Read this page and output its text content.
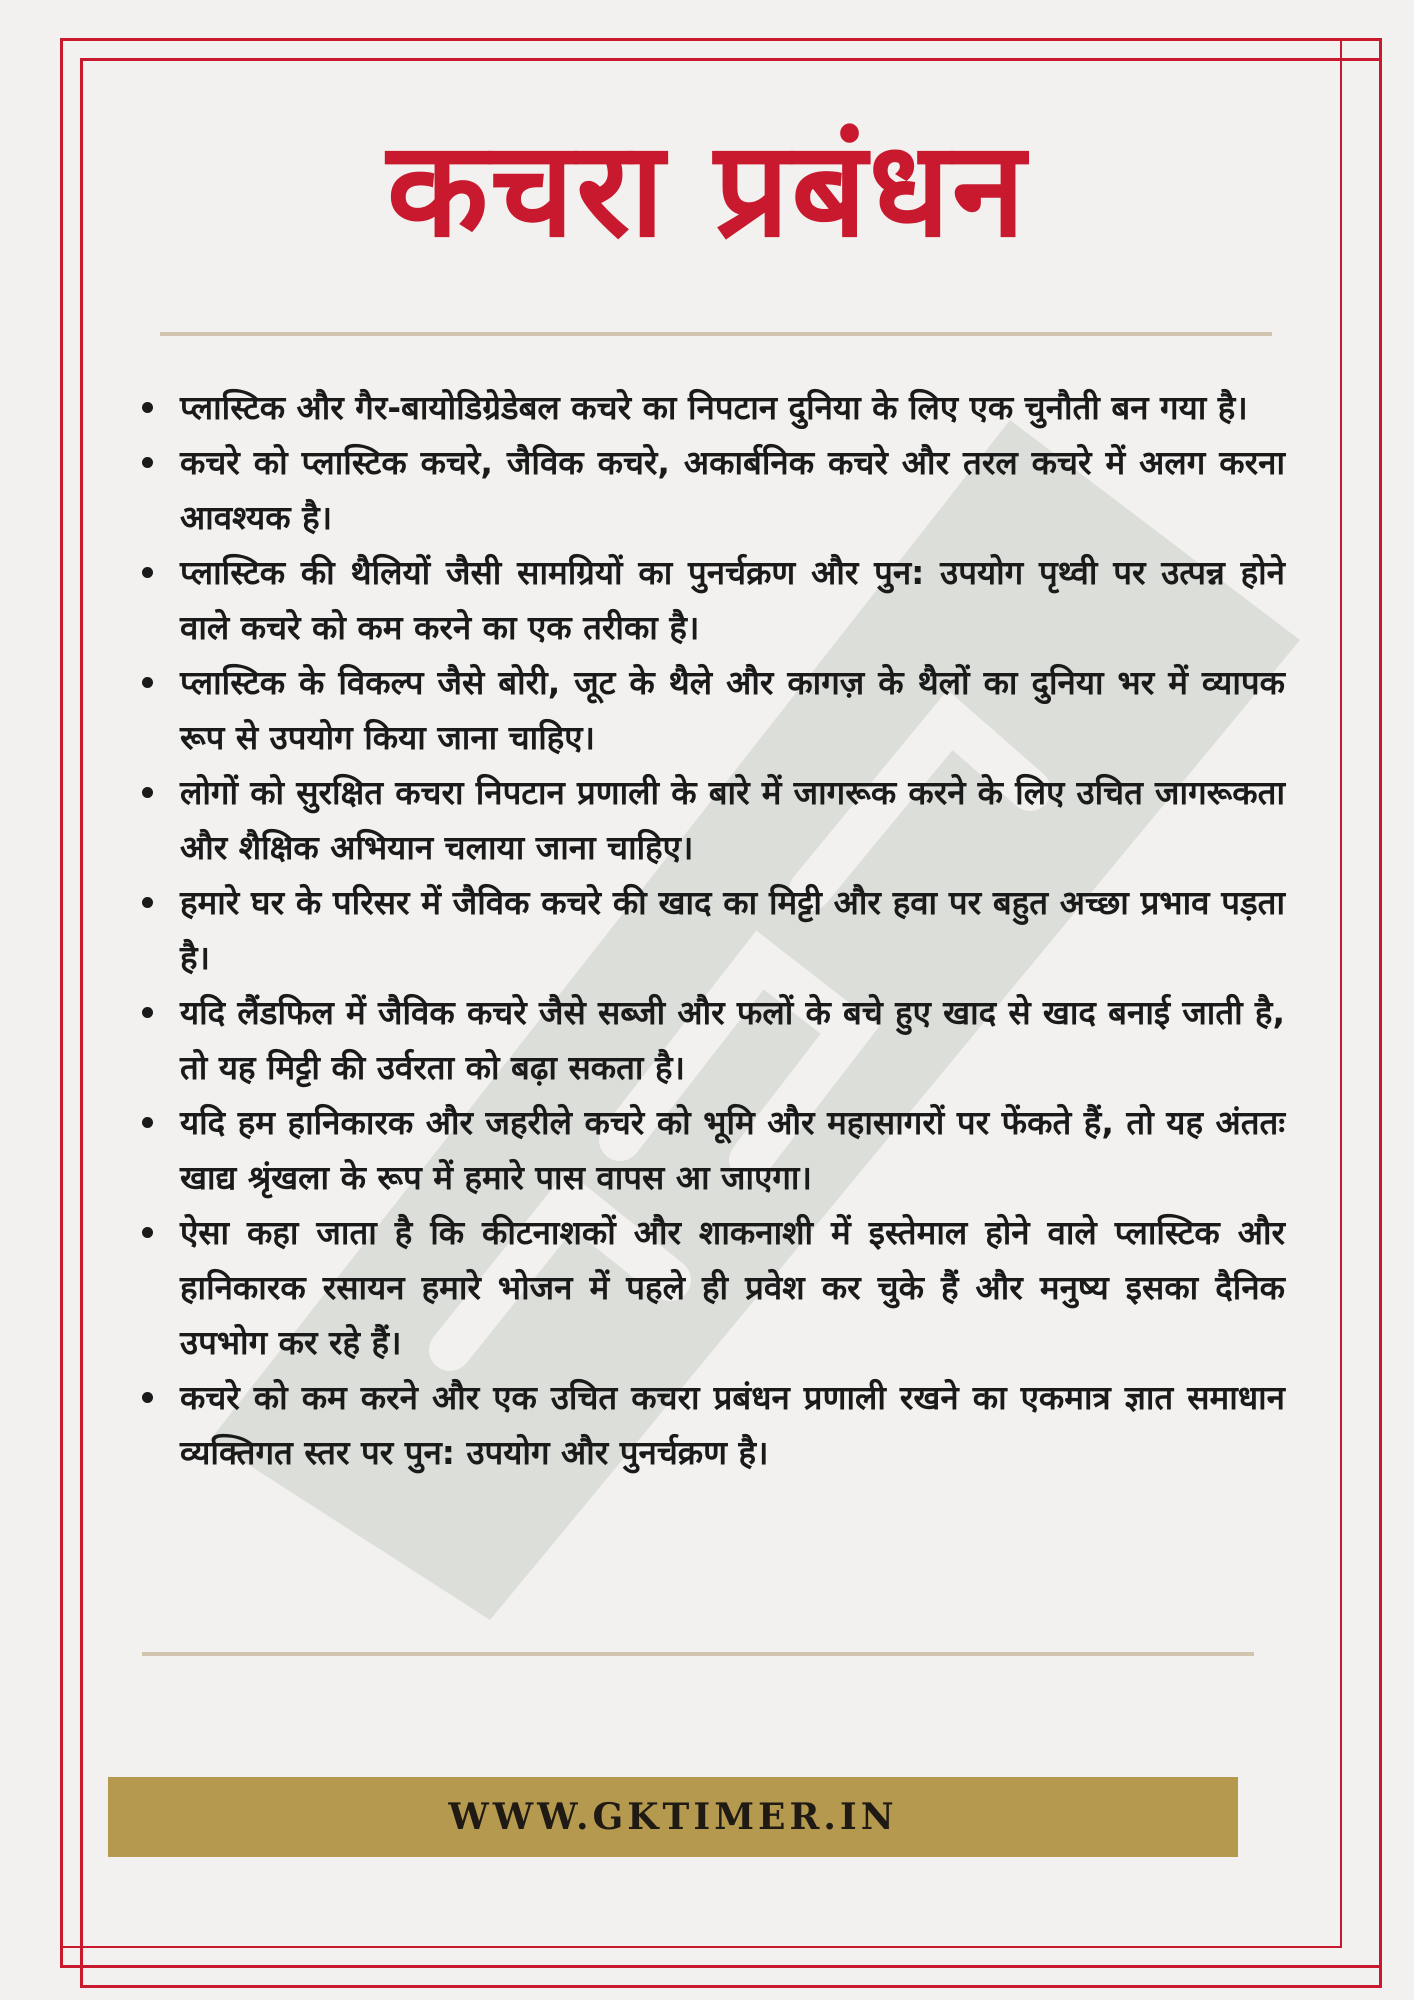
कचरा प्रबंधन
प्लास्टिक और गैर-बायोडिग्रेडेबल कचरे का निपटान दुनिया के लिए एक चुनौती बन गया है।
कचरे को प्लास्टिक कचरे, जैविक कचरे, अकार्बनिक कचरे और तरल कचरे में अलग करना आवश्यक है।
प्लास्टिक की थैलियों जैसी सामग्रियों का पुनर्चक्रण और पुन: उपयोग पृथ्वी पर उत्पन्न होने वाले कचरे को कम करने का एक तरीका है।
प्लास्टिक के विकल्प जैसे बोरी, जूट के थैले और कागज़ के थैलों का दुनिया भर में व्यापक रूप से उपयोग किया जाना चाहिए।
लोगों को सुरक्षित कचरा निपटान प्रणाली के बारे में जागरूक करने के लिए उचित जागरूकता और शैक्षिक अभियान चलाया जाना चाहिए।
हमारे घर के परिसर में जैविक कचरे की खाद का मिट्टी और हवा पर बहुत अच्छा प्रभाव पड़ता है।
यदि लैंडफिल में जैविक कचरे जैसे सब्जी और फलों के बचे हुए खाद से खाद बनाई जाती है, तो यह मिट्टी की उर्वरता को बढ़ा सकता है।
यदि हम हानिकारक और जहरीले कचरे को भूमि और महासागरों पर फेंकते हैं, तो यह अंततः खाद्य श्रृंखला के रूप में हमारे पास वापस आ जाएगा।
ऐसा कहा जाता है कि कीटनाशकों और शाकनाशी में इस्तेमाल होने वाले प्लास्टिक और हानिकारक रसायन हमारे भोजन में पहले ही प्रवेश कर चुके हैं और मनुष्य इसका दैनिक उपभोग कर रहे हैं।
कचरे को कम करने और एक उचित कचरा प्रबंधन प्रणाली रखने का एकमात्र ज्ञात समाधान व्यक्तिगत स्तर पर पुन: उपयोग और पुनर्चक्रण है।
WWW.GKTIMER.IN
